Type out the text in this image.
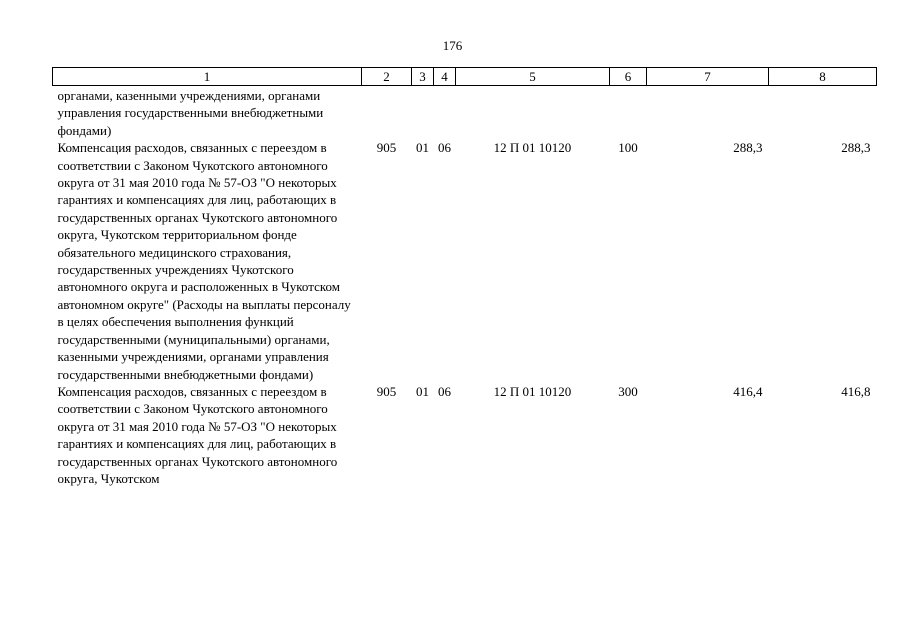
176
1	2	3	4	5	6	7	8
органами, казенными учреждениями, органами управления государственными внебюджетными фондами)							
Компенсация расходов, связанных с переездом в соответствии с Законом Чукотского автономного округа от 31 мая 2010 года № 57-ОЗ "О некоторых гарантиях и компенсациях для лиц, работающих в государственных органах Чукотского автономного округа, Чукотском территориальном фонде обязательного медицинского страхования, государственных учреждениях Чукотского автономного округа и расположенных в Чукотском автономном округе" (Расходы на выплаты персоналу в целях обеспечения выполнения функций государственными (муниципальными) органами, казенными учреждениями, органами управления государственными внебюджетными фондами)	905	01	06	12 П 01 10120	100	288,3	288,3
Компенсация расходов, связанных с переездом в соответствии с Законом Чукотского автономного округа от 31 мая 2010 года № 57-ОЗ "О некоторых гарантиях и компенсациях для лиц, работающих в государственных органах Чукотского автономного округа, Чукотском	905	01	06	12 П 01 10120	300	416,4	416,8
